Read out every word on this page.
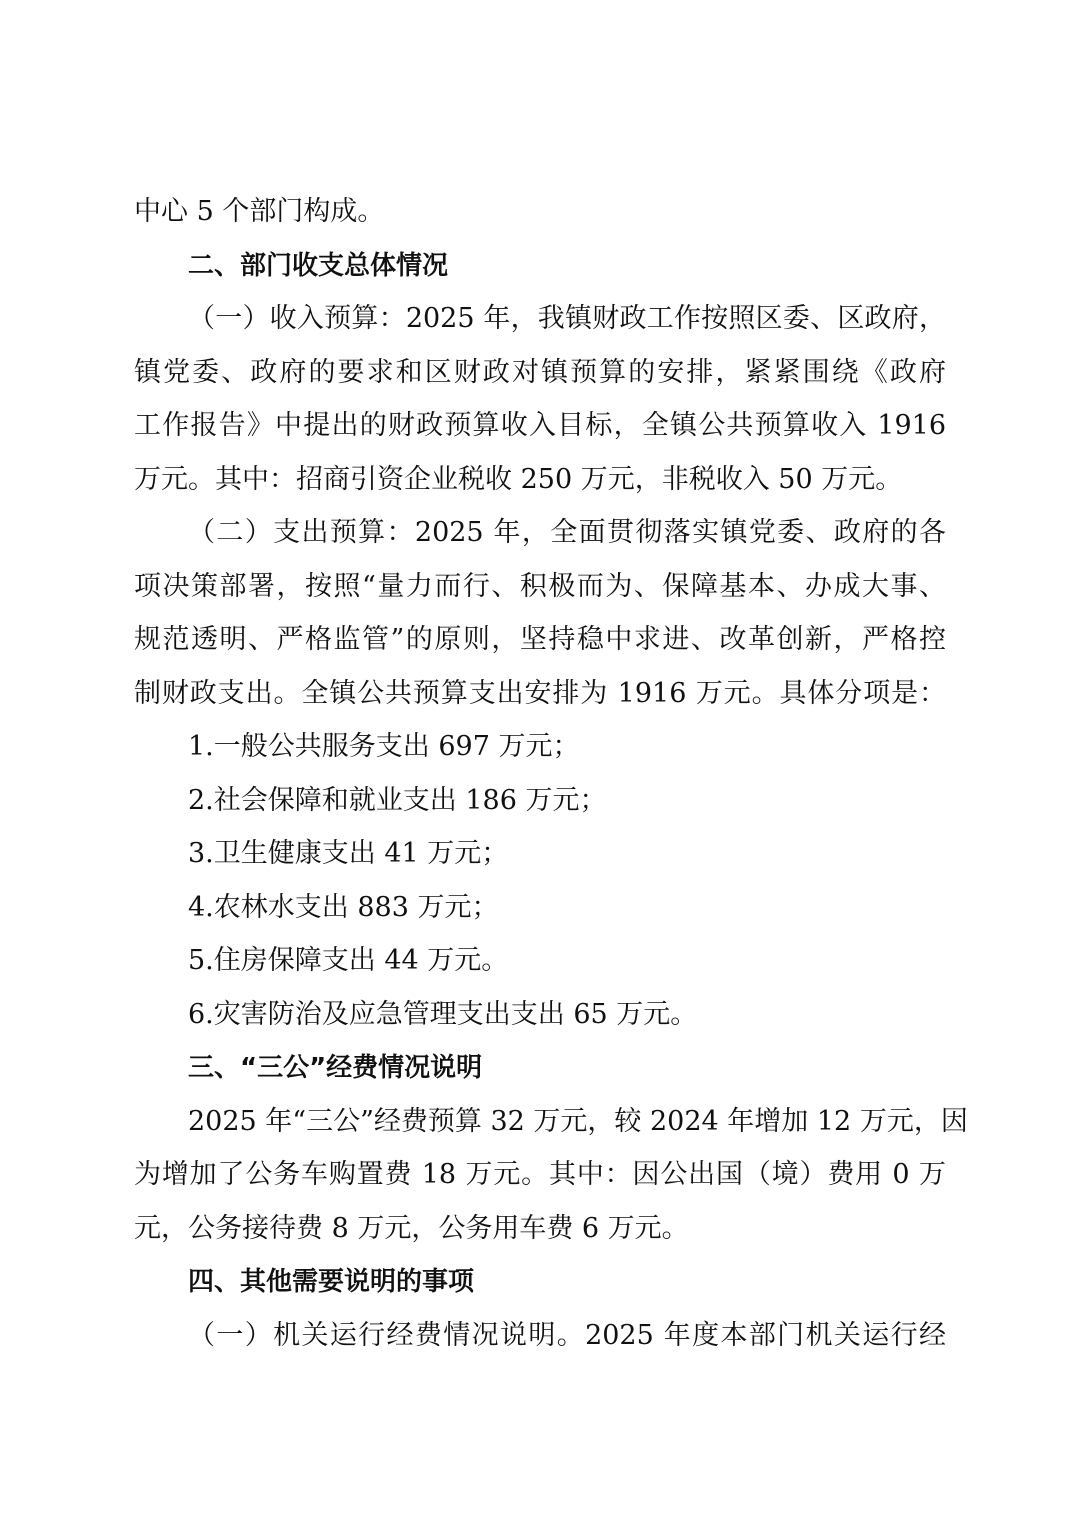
中心 5 个部门构成。

二、部门收支总体情况

（一）收入预算：2025 年，我镇财政工作按照区委、区政府，

镇党委、政府的要求和区财政对镇预算的安排，紧紧围绕《政府

工作报告》中提出的财政预算收入目标，全镇公共预算收入 1916

万元。其中：招商引资企业税收 250 万元，非税收入 50 万元。

（二）支出预算：2025 年，全面贯彻落实镇党委、政府的各

项决策部署，按照“量力而行、积极而为、保障基本、办成大事、

规范透明、严格监管”的原则，坚持稳中求进、改革创新，严格控

制财政支出。全镇公共预算支出安排为 1916 万元。具体分项是：

1.一般公共服务支出 697 万元；

2.社会保障和就业支出 186 万元；

3.卫生健康支出 41 万元；

4.农林水支出 883 万元；

5.住房保障支出 44 万元。

6.灾害防治及应急管理支出支出 65 万元。

三、“三公”经费情况说明

2025 年“三公”经费预算 32 万元，较 2024 年增加 12 万元，因

为增加了公务车购置费 18 万元。其中：因公出国（境）费用 0 万

元，公务接待费 8 万元，公务用车费 6 万元。

四、其他需要说明的事项

（一）机关运行经费情况说明。2025 年度本部门机关运行经
